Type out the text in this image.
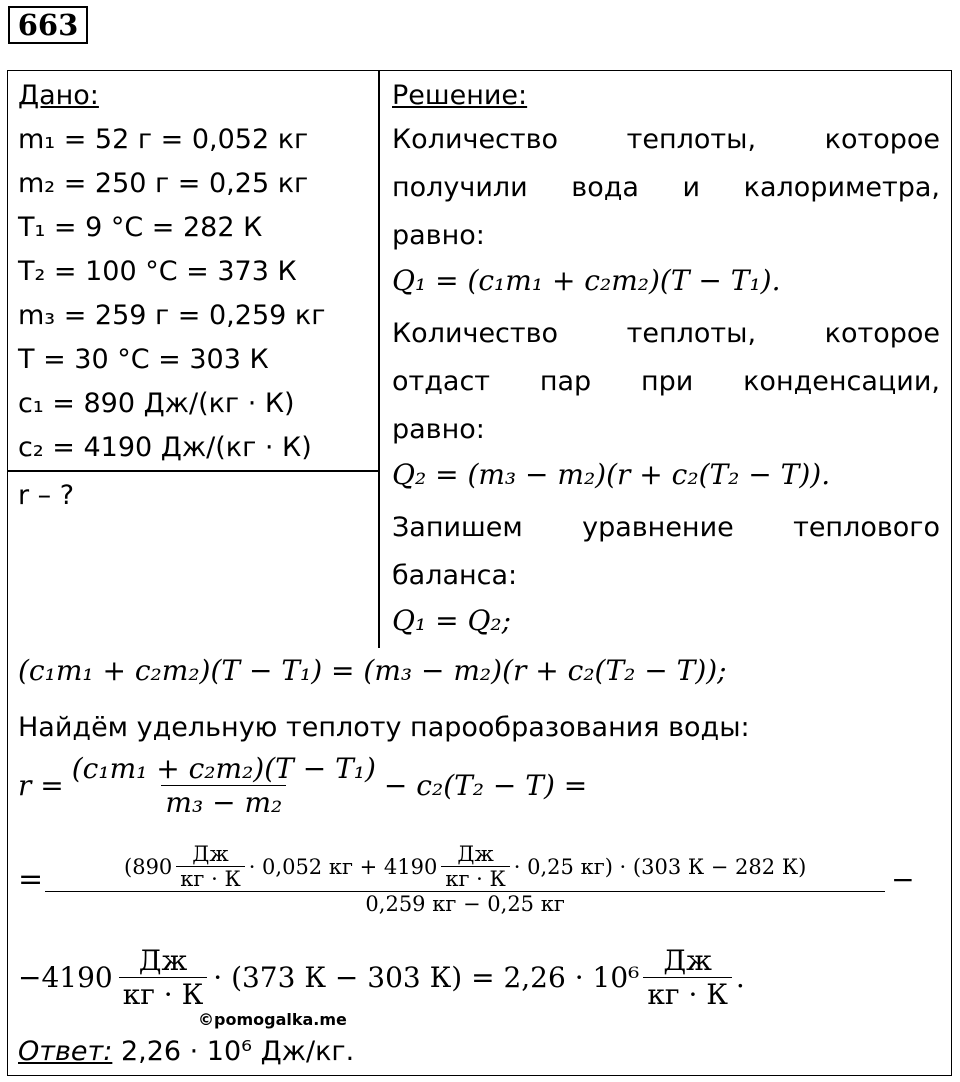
663
Дано:
m₁ = 52 г = 0,052 кг
m₂ = 250 г = 0,25 кг
T₁ = 9 °C = 282 К
T₂ = 100 °C = 373 К
m₃ = 259 г = 0,259 кг
T = 30 °C = 303 К
c₁ = 890 Дж/(кг · К)
c₂ = 4190 Дж/(кг · К)
r – ?
Решение:
Количество	теплоты,	которое
получили вода и калориметра,
равно:
Q₁ = (c₁m₁ + c₂m₂)(T − T₁).
Количество	теплоты,	которое
отдаст пар при конденсации,
равно:
Q₂ = (m₃ − m₂)(r + c₂(T₂ − T)).
Запишем уравнение теплового
баланса:
Q₁ = Q₂;
(c₁m₁ + c₂m₂)(T − T₁) = (m₃ − m₂)(r + c₂(T₂ − T));
Найдём удельную теплоту парообразования воды:
$r = \frac{\text{(c₁m₁ + c₂m₂)(T − T₁)}}{\text{m₃ − m₂}} - c_2(T_2 - T)$ =
=	($890 \frac{Дж}{кг \cdot К} \cdot 0,052$ кг + $4190 \frac{Дж}{кг \cdot К} \cdot 0,25$ кг) · (303 К − 282 К)
0,259 кг − 0,25 кг
−
$-4190 \frac{Дж}{кг \cdot К} \cdot (373$ К − 303 $К) = 2,26 \cdot 10^6 \frac{Дж}{кг \cdot К}$ .
©pomogalka.me
Ответ: 2,26 · 10⁶ Дж/кг.
